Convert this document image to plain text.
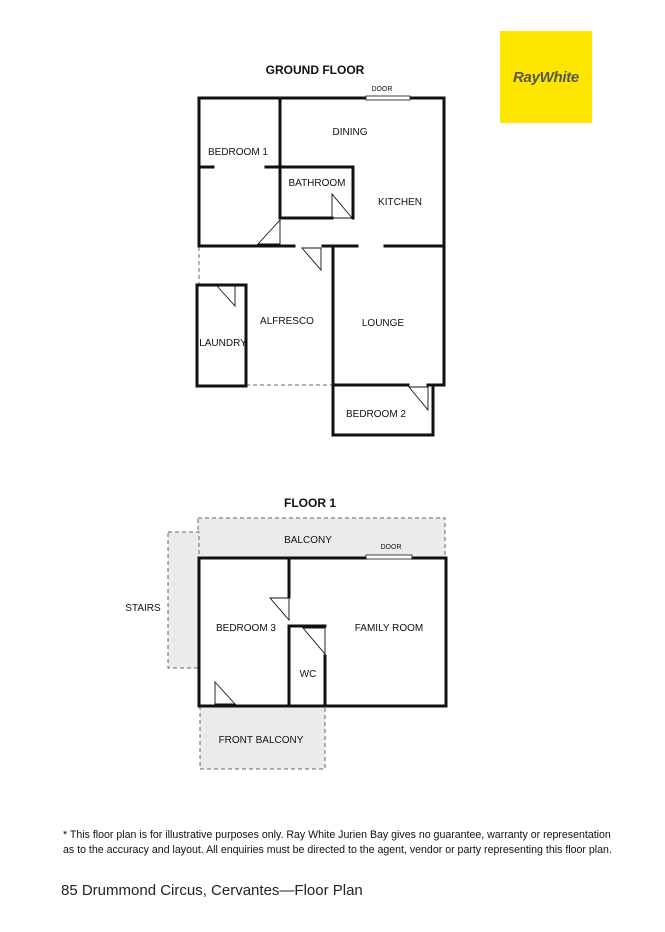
GROUND FLOOR
DOOR
BEDROOM 1
DINING
BATHROOM
KITCHEN
ALFRESCO
LAUNDRY
LOUNGE
BEDROOM 2
FLOOR 1
DOOR
BALCONY
STAIRS
BEDROOM 3	FAMILY ROOM
WC
FRONT BALCONY
RayWhite

* This floor plan is for illustrative purposes only. Ray White Jurien Bay gives no guarantee, warranty or representation as to the accuracy and layout. All enquiries must be directed to the agent, vendor or party representing this floor plan.

85 Drummond Circus, Cervantes—Floor Plan
